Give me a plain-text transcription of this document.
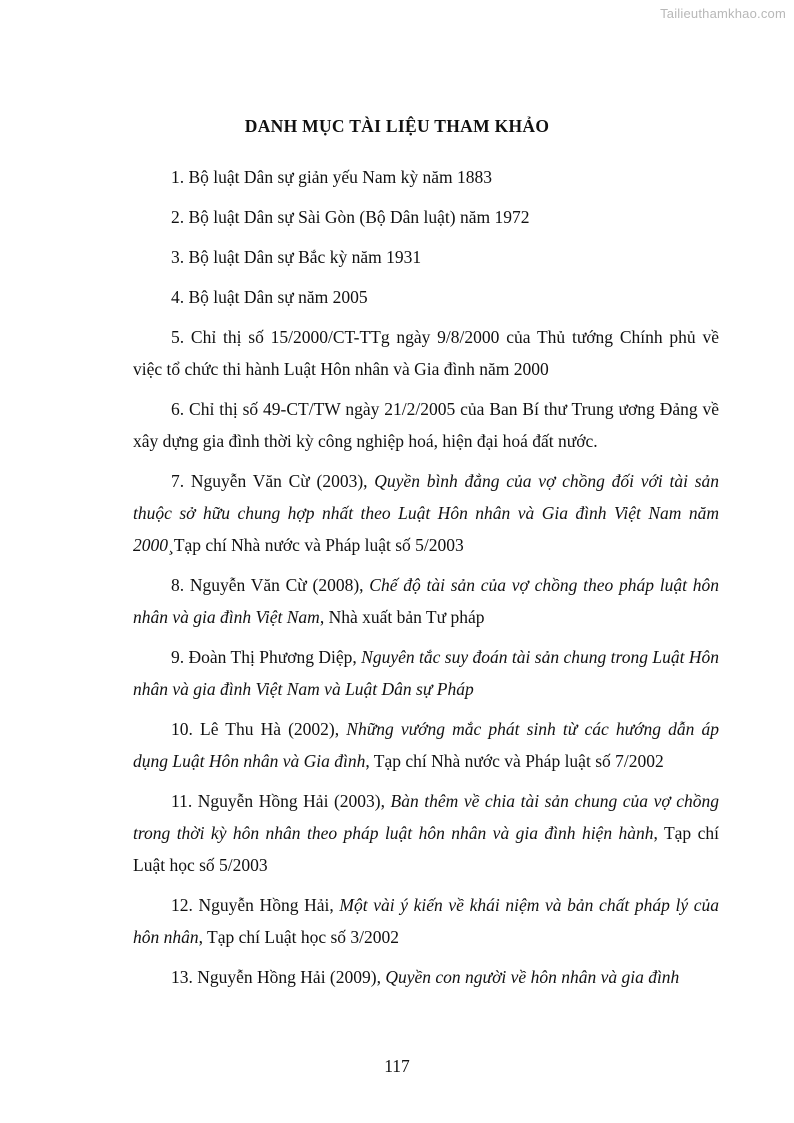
Tailieuthamkhao.com
DANH MỤC TÀI LIỆU THAM KHẢO
1. Bộ luật Dân sự giản yếu Nam kỳ năm 1883
2. Bộ luật Dân sự Sài Gòn (Bộ Dân luật) năm 1972
3. Bộ luật Dân sự Bắc kỳ năm 1931
4. Bộ luật Dân sự năm 2005
5. Chỉ thị số 15/2000/CT-TTg ngày 9/8/2000 của Thủ tướng Chính phủ về việc tổ chức thi hành Luật Hôn nhân và Gia đình năm 2000
6. Chỉ thị số 49-CT/TW ngày 21/2/2005 của Ban Bí thư Trung ương Đảng về xây dựng gia đình thời kỳ công nghiệp hoá, hiện đại hoá đất nước.
7. Nguyễn Văn Cừ (2003), Quyền bình đẳng của vợ chồng đối với tài sản thuộc sở hữu chung hợp nhất theo Luật Hôn nhân và Gia đình Việt Nam năm 2000¸Tạp chí Nhà nước và Pháp luật số 5/2003
8. Nguyễn Văn Cừ (2008), Chế độ tài sản của vợ chồng theo pháp luật hôn nhân và gia đình Việt Nam, Nhà xuất bản Tư pháp
9. Đoàn Thị Phương Diệp, Nguyên tắc suy đoán tài sản chung trong Luật Hôn nhân và gia đình Việt Nam và Luật Dân sự Pháp
10. Lê Thu Hà (2002), Những vướng mắc phát sinh từ các hướng dẫn áp dụng Luật Hôn nhân và Gia đình, Tạp chí Nhà nước và Pháp luật số 7/2002
11. Nguyễn Hồng Hải (2003), Bàn thêm về chia tài sản chung của vợ chồng trong thời kỳ hôn nhân theo pháp luật hôn nhân và gia đình hiện hành, Tạp chí Luật học số 5/2003
12. Nguyễn Hồng Hải, Một vài ý kiến về khái niệm và bản chất pháp lý của hôn nhân, Tạp chí Luật học số 3/2002
13. Nguyễn Hồng Hải (2009), Quyền con người về hôn nhân và gia đình
117
